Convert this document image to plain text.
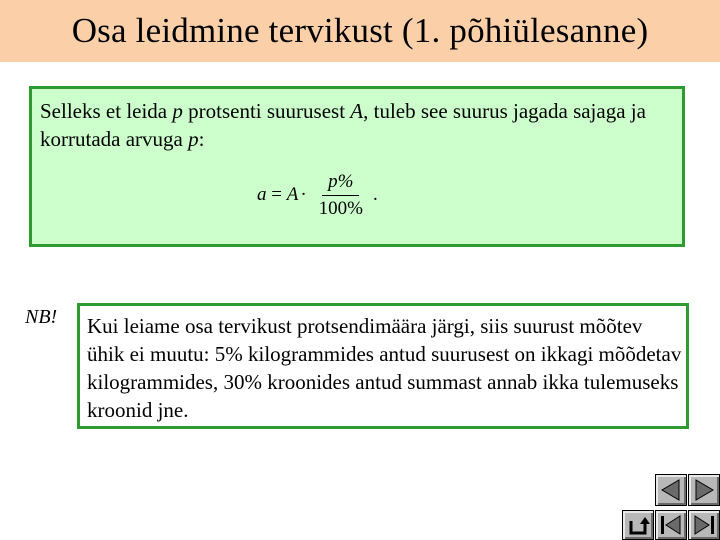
Osa leidmine tervikust (1. põhiülesanne)
Selleks et leida p protsenti suurusest A, tuleb see suurus jagada sajaga ja korrutada arvuga p:
$a = A \cdot \frac{p\%}{100\%}$ .
NB! Kui leiame osa tervikust protsendimäära järgi, siis suurust mõõtev ühik ei muutu: 5% kilogrammides antud suurusest on ikkagi mõõdetav kilogrammides, 30% kroonides antud summast annab ikka tulemuseks kroonid jne.
